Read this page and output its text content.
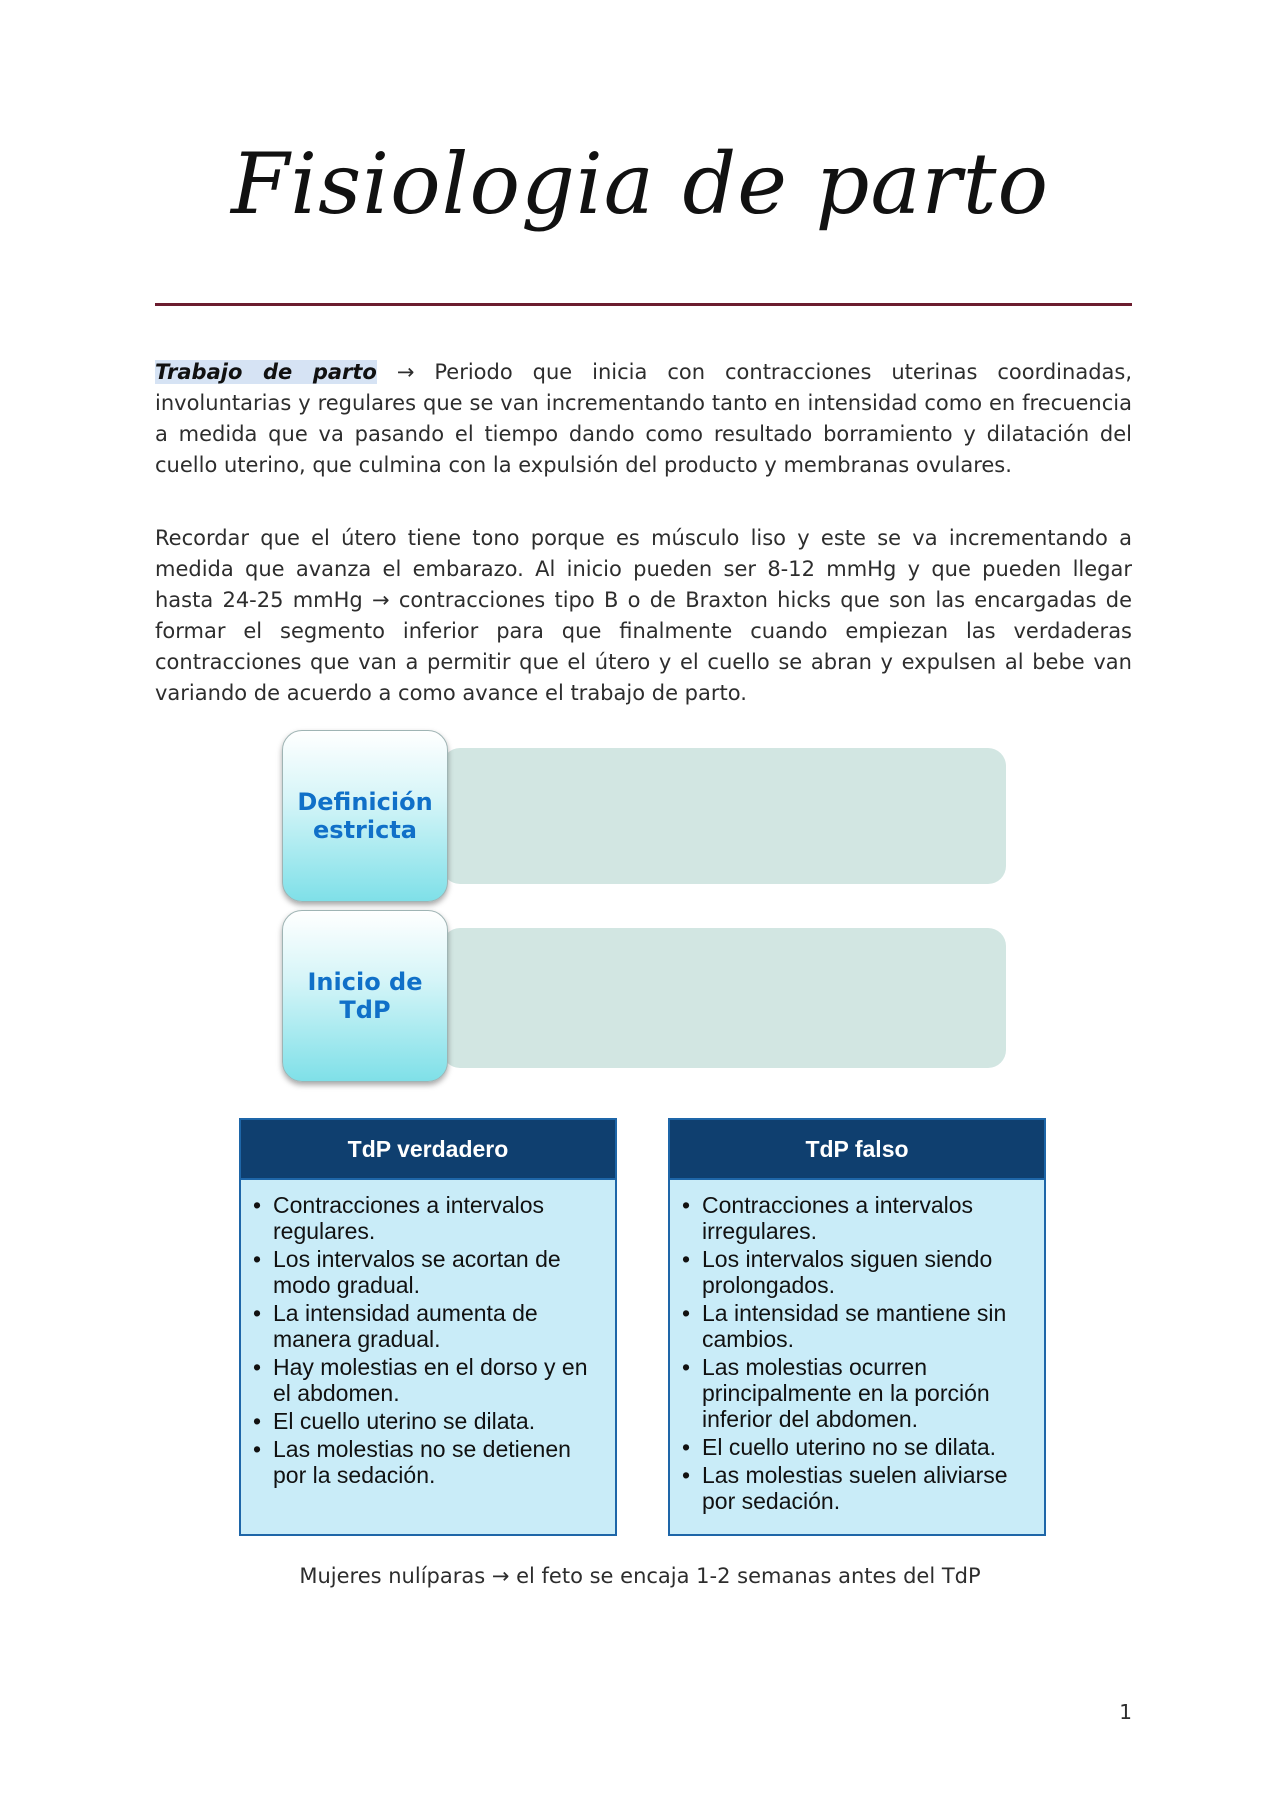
Fisiologia de parto

Trabajo de parto → Periodo que inicia con contracciones uterinas coordinadas, involuntarias y regulares que se van incrementando tanto en intensidad como en frecuencia a medida que va pasando el tiempo dando como resultado borramiento y dilatación del cuello uterino, que culmina con la expulsión del producto y membranas ovulares.

Recordar que el útero tiene tono porque es músculo liso y este se va incrementando a medida que avanza el embarazo. Al inicio pueden ser 8-12 mmHg y que pueden llegar hasta 24-25 mmHg → contracciones tipo B o de Braxton hicks que son las encargadas de formar el segmento inferior para que finalmente cuando empiezan las verdaderas contracciones que van a permitir que el útero y el cuello se abran y expulsen al bebe van variando de acuerdo a como avance el trabajo de parto.

Definición estricta
•
Inicio de TdP
•
•
•
•
TdP verdadero
• Contracciones a intervalos regulares.
• Los intervalos se acortan de modo gradual.
• La intensidad aumenta de manera gradual.
• Hay molestias en el dorso y en el abdomen.
• El cuello uterino se dilata.
• Las molestias no se detienen por la sedación.
TdP falso
• Contracciones a intervalos irregulares.
• Los intervalos siguen siendo prolongados.
• La intensidad se mantiene sin cambios.
• Las molestias ocurren principalmente en la porción inferior del abdomen.
• El cuello uterino no se dilata.
• Las molestias suelen aliviarse por sedación.
Mujeres nulíparas → el feto se encaja 1-2 semanas antes del TdP
1
